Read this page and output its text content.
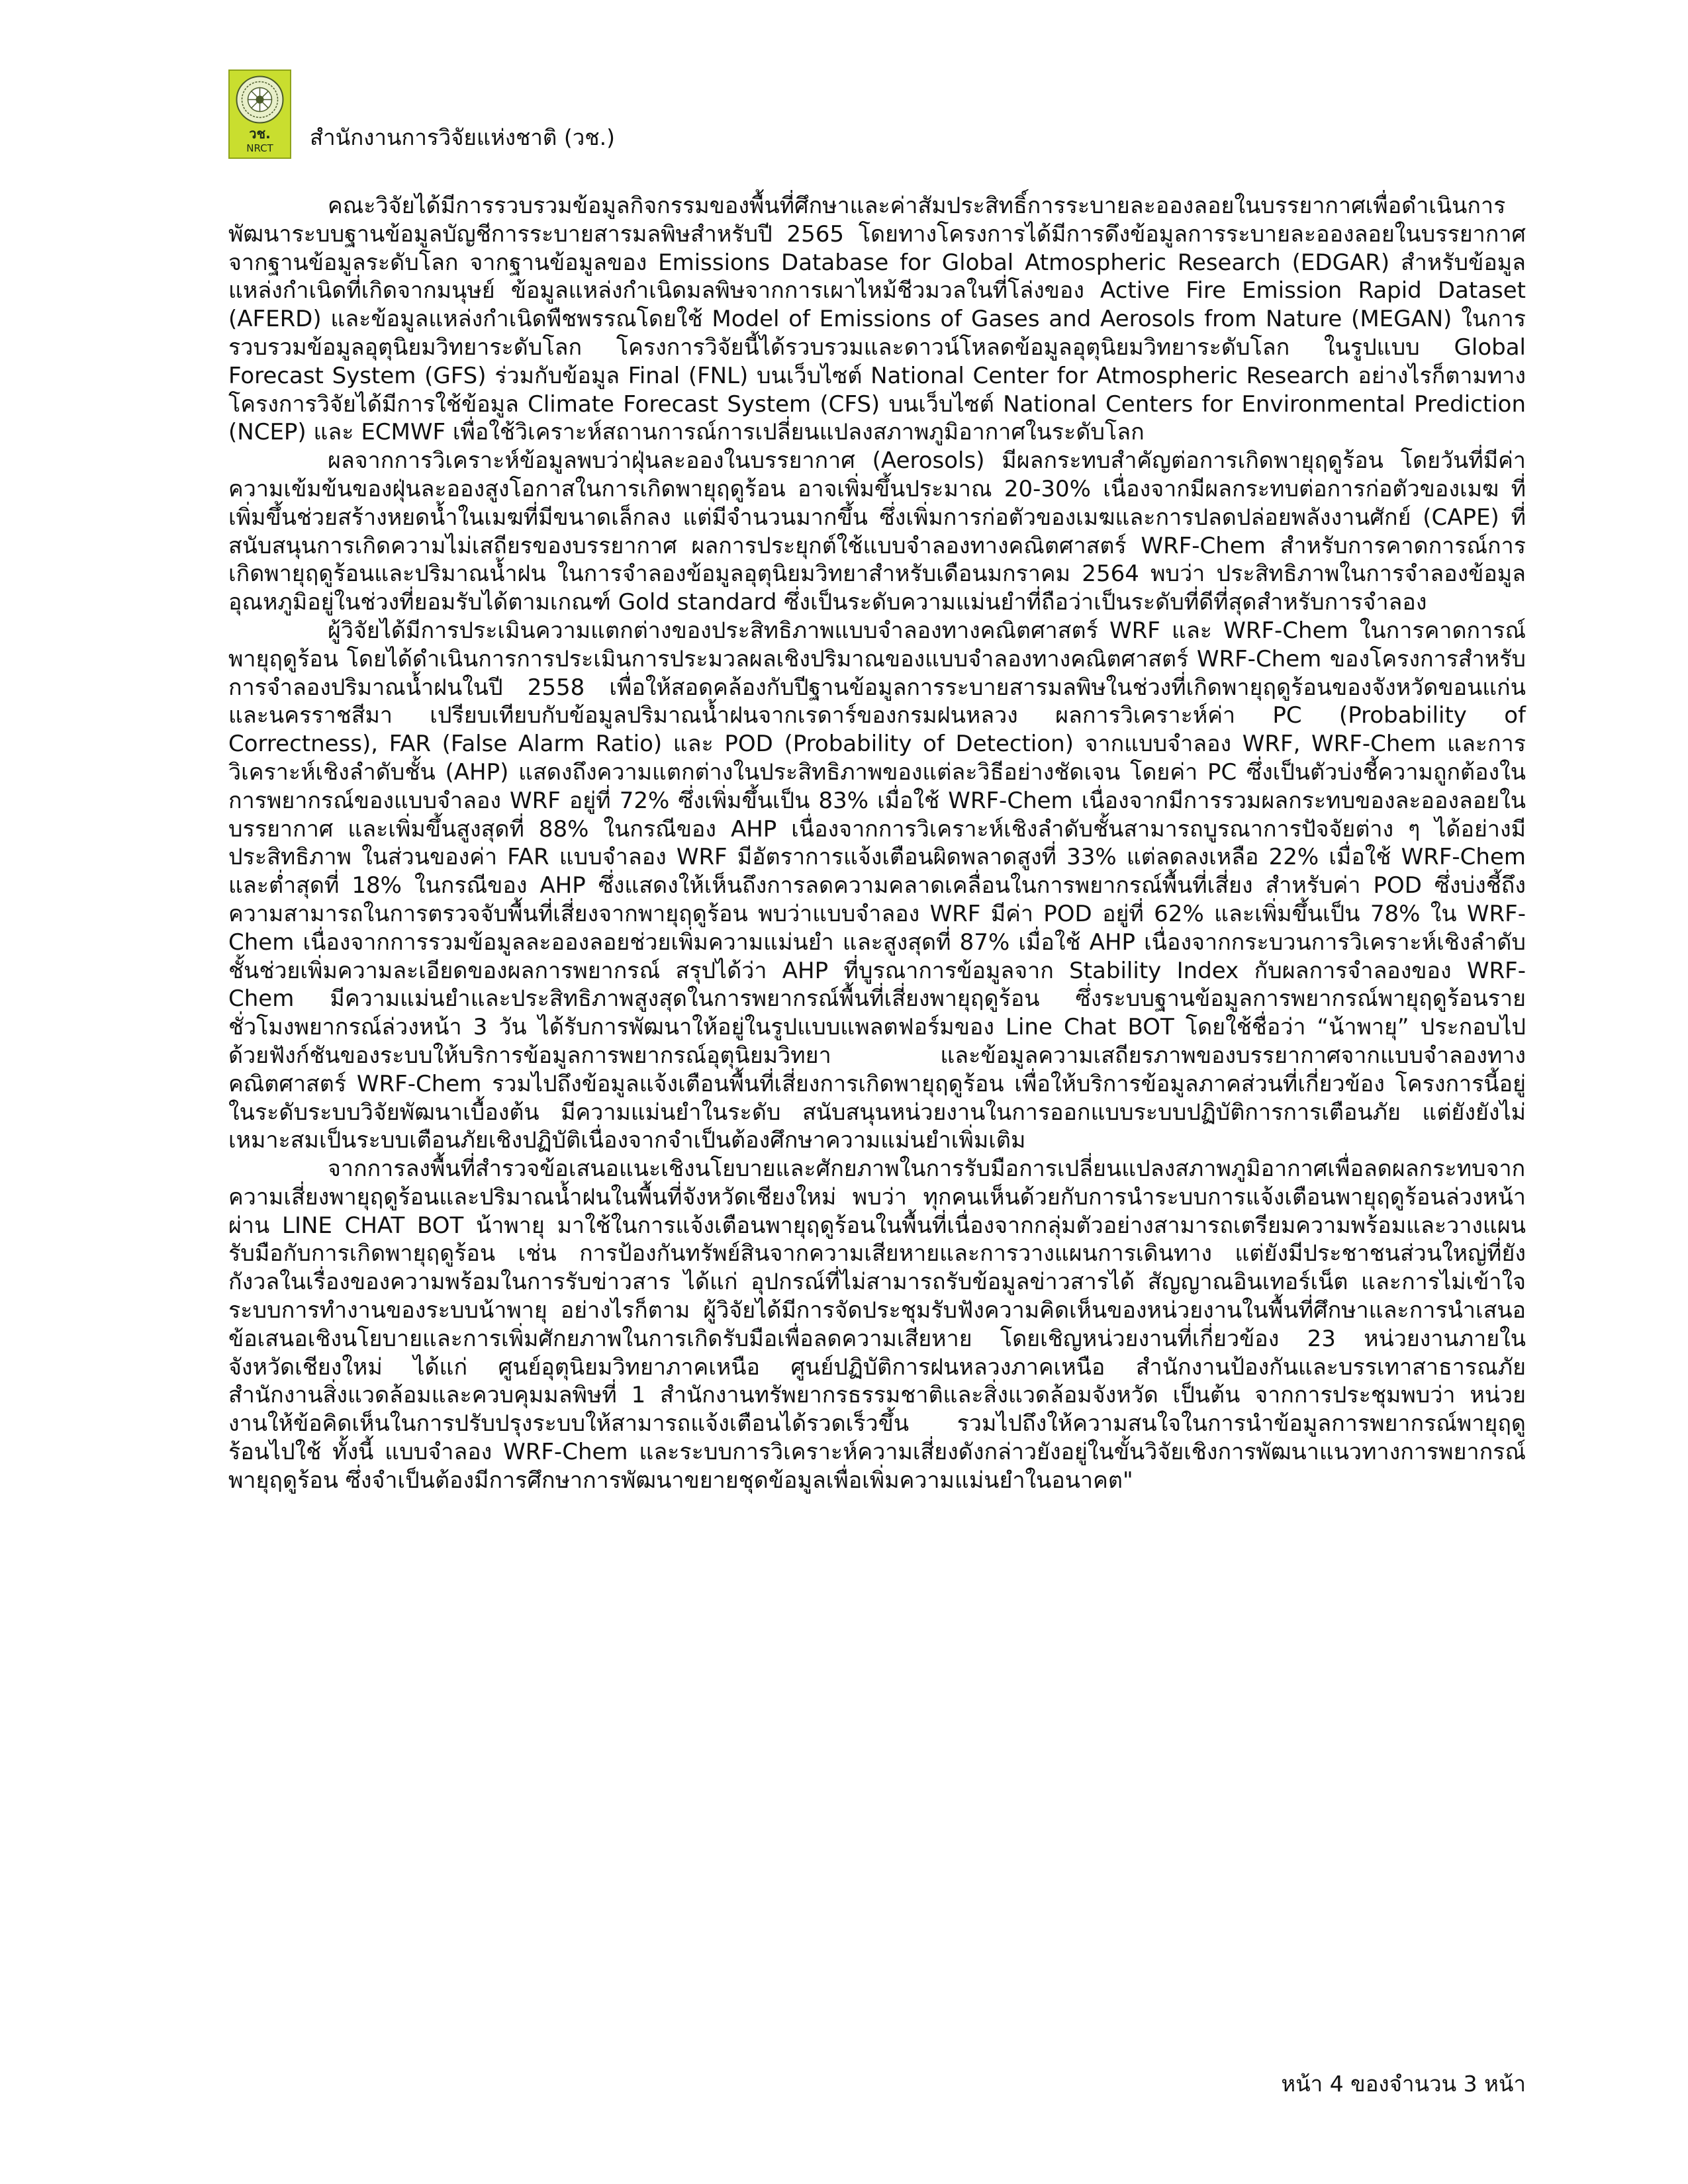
วช.
NRCT	สำนักงานการวิจัยแห่งชาติ (วช.)

คณะวิจัยได้มีการรวบรวมข้อมูลกิจกรรมของพื้นที่ศึกษาและค่าสัมประสิทธิ์การระบายละอองลอยในบรรยากาศเพื่อดำเนินการพัฒนาระบบฐานข้อมูลบัญชีการระบายสารมลพิษสำหรับปี 2565 โดยทางโครงการได้มีการดึงข้อมูลการระบายละอองลอยในบรรยากาศจากฐานข้อมูลระดับโลก จากฐานข้อมูลของ Emissions Database for Global Atmospheric Research (EDGAR) สำหรับข้อมูลแหล่งกำเนิดที่เกิดจากมนุษย์ ข้อมูลแหล่งกำเนิดมลพิษจากการเผาไหม้ชีวมวลในที่โล่งของ Active Fire Emission Rapid Dataset (AFERD) และข้อมูลแหล่งกำเนิดพืชพรรณโดยใช้ Model of Emissions of Gases and Aerosols from Nature (MEGAN) ในการรวบรวมข้อมูลอุตุนิยมวิทยาระดับโลก โครงการวิจัยนี้ได้รวบรวมและดาวน์โหลดข้อมูลอุตุนิยมวิทยาระดับโลก ในรูปแบบ Global Forecast System (GFS) ร่วมกับข้อมูล Final (FNL) บนเว็บไซต์ National Center for Atmospheric Research อย่างไรก็ตามทางโครงการวิจัยได้มีการใช้ข้อมูล Climate Forecast System (CFS) บนเว็บไซต์ National Centers for Environmental Prediction (NCEP) และ ECMWF เพื่อใช้วิเคราะห์สถานการณ์การเปลี่ยนแปลงสภาพภูมิอากาศในระดับโลก

ผลจากการวิเคราะห์ข้อมูลพบว่าฝุ่นละอองในบรรยากาศ (Aerosols) มีผลกระทบสำคัญต่อการเกิดพายุฤดูร้อน โดยวันที่มีค่าความเข้มข้นของฝุ่นละอองสูงโอกาสในการเกิดพายุฤดูร้อน อาจเพิ่มขึ้นประมาณ 20-30% เนื่องจากมีผลกระทบต่อการก่อตัวของเมฆ ที่เพิ่มขึ้นช่วยสร้างหยดน้ำในเมฆที่มีขนาดเล็กลง แต่มีจำนวนมากขึ้น ซึ่งเพิ่มการก่อตัวของเมฆและการปลดปล่อยพลังงานศักย์ (CAPE) ที่สนับสนุนการเกิดความไม่เสถียรของบรรยากาศ ผลการประยุกต์ใช้แบบจำลองทางคณิตศาสตร์ WRF-Chem สำหรับการคาดการณ์การเกิดพายุฤดูร้อนและปริมาณน้ำฝน ในการจำลองข้อมูลอุตุนิยมวิทยาสำหรับเดือนมกราคม 2564 พบว่า ประสิทธิภาพในการจำลองข้อมูลอุณหภูมิอยู่ในช่วงที่ยอมรับได้ตามเกณฑ์ Gold standard ซึ่งเป็นระดับความแม่นยำที่ถือว่าเป็นระดับที่ดีที่สุดสำหรับการจำลอง

ผู้วิจัยได้มีการประเมินความแตกต่างของประสิทธิภาพแบบจำลองทางคณิตศาสตร์ WRF และ WRF-Chem ในการคาดการณ์พายุฤดูร้อน โดยได้ดำเนินการการประเมินการประมวลผลเชิงปริมาณของแบบจำลองทางคณิตศาสตร์ WRF-Chem ของโครงการสำหรับการจำลองปริมาณน้ำฝนในปี 2558 เพื่อให้สอดคล้องกับปีฐานข้อมูลการระบายสารมลพิษในช่วงที่เกิดพายุฤดูร้อนของจังหวัดขอนแก่น และนครราชสีมา เปรียบเทียบกับข้อมูลปริมาณน้ำฝนจากเรดาร์ของกรมฝนหลวง ผลการวิเคราะห์ค่า PC (Probability of Correctness), FAR (False Alarm Ratio) และ POD (Probability of Detection) จากแบบจำลอง WRF, WRF-Chem และการวิเคราะห์เชิงลำดับชั้น (AHP) แสดงถึงความแตกต่างในประสิทธิภาพของแต่ละวิธีอย่างชัดเจน โดยค่า PC ซึ่งเป็นตัวบ่งชี้ความถูกต้องในการพยากรณ์ของแบบจำลอง WRF อยู่ที่ 72% ซึ่งเพิ่มขึ้นเป็น 83% เมื่อใช้ WRF-Chem เนื่องจากมีการรวมผลกระทบของละอองลอยในบรรยากาศ และเพิ่มขึ้นสูงสุดที่ 88% ในกรณีของ AHP เนื่องจากการวิเคราะห์เชิงลำดับชั้นสามารถบูรณาการปัจจัยต่าง ๆ ได้อย่างมีประสิทธิภาพ ในส่วนของค่า FAR แบบจำลอง WRF มีอัตราการแจ้งเตือนผิดพลาดสูงที่ 33% แต่ลดลงเหลือ 22% เมื่อใช้ WRF-Chem และต่ำสุดที่ 18% ในกรณีของ AHP ซึ่งแสดงให้เห็นถึงการลดความคลาดเคลื่อนในการพยากรณ์พื้นที่เสี่ยง สำหรับค่า POD ซึ่งบ่งชี้ถึงความสามารถในการตรวจจับพื้นที่เสี่ยงจากพายุฤดูร้อน พบว่าแบบจำลอง WRF มีค่า POD อยู่ที่ 62% และเพิ่มขึ้นเป็น 78% ใน WRF-Chem เนื่องจากการรวมข้อมูลละอองลอยช่วยเพิ่มความแม่นยำ และสูงสุดที่ 87% เมื่อใช้ AHP เนื่องจากกระบวนการวิเคราะห์เชิงลำดับชั้นช่วยเพิ่มความละเอียดของผลการพยากรณ์ สรุปได้ว่า AHP ที่บูรณาการข้อมูลจาก Stability Index กับผลการจำลองของ WRF-Chem มีความแม่นยำและประสิทธิภาพสูงสุดในการพยากรณ์พื้นที่เสี่ยงพายุฤดูร้อน ซึ่งระบบฐานข้อมูลการพยากรณ์พายุฤดูร้อนรายชั่วโมงพยากรณ์ล่วงหน้า 3 วัน ได้รับการพัฒนาให้อยู่ในรูปแบบแพลตฟอร์มของ Line Chat BOT โดยใช้ชื่อว่า “น้าพายุ” ประกอบไปด้วยฟังก์ชันของระบบให้บริการข้อมูลการพยากรณ์อุตุนิยมวิทยา และข้อมูลความเสถียรภาพของบรรยากาศจากแบบจำลองทางคณิตศาสตร์ WRF-Chem รวมไปถึงข้อมูลแจ้งเตือนพื้นที่เสี่ยงการเกิดพายุฤดูร้อน เพื่อให้บริการข้อมูลภาคส่วนที่เกี่ยวข้อง โครงการนี้อยู่ในระดับระบบวิจัยพัฒนาเบื้องต้น มีความแม่นยำในระดับ สนับสนุนหน่วยงานในการออกแบบระบบปฏิบัติการการเตือนภัย แต่ยังยังไม่เหมาะสมเป็นระบบเตือนภัยเชิงปฏิบัติเนื่องจากจำเป็นต้องศึกษาความแม่นยำเพิ่มเติม

จากการลงพื้นที่สำรวจข้อเสนอแนะเชิงนโยบายและศักยภาพในการรับมือการเปลี่ยนแปลงสภาพภูมิอากาศเพื่อลดผลกระทบจากความเสี่ยงพายุฤดูร้อนและปริมาณน้ำฝนในพื้นที่จังหวัดเชียงใหม่ พบว่า ทุกคนเห็นด้วยกับการนำระบบการแจ้งเตือนพายุฤดูร้อนล่วงหน้าผ่าน LINE CHAT BOT น้าพายุ มาใช้ในการแจ้งเตือนพายุฤดูร้อนในพื้นที่เนื่องจากกลุ่มตัวอย่างสามารถเตรียมความพร้อมและวางแผนรับมือกับการเกิดพายุฤดูร้อน เช่น การป้องกันทรัพย์สินจากความเสียหายและการวางแผนการเดินทาง แต่ยังมีประชาชนส่วนใหญ่ที่ยังกังวลในเรื่องของความพร้อมในการรับข่าวสาร ได้แก่ อุปกรณ์ที่ไม่สามารถรับข้อมูลข่าวสารได้ สัญญาณอินเทอร์เน็ต และการไม่เข้าใจระบบการทำงานของระบบน้าพายุ อย่างไรก็ตาม ผู้วิจัยได้มีการจัดประชุมรับฟังความคิดเห็นของหน่วยงานในพื้นที่ศึกษาและการนำเสนอข้อเสนอเชิงนโยบายและการเพิ่มศักยภาพในการเกิดรับมือเพื่อลดความเสียหาย โดยเชิญหน่วยงานที่เกี่ยวข้อง 23 หน่วยงานภายในจังหวัดเชียงใหม่ ได้แก่ ศูนย์อุตุนิยมวิทยาภาคเหนือ ศูนย์ปฏิบัติการฝนหลวงภาคเหนือ สำนักงานป้องกันและบรรเทาสาธารณภัย สำนักงานสิ่งแวดล้อมและควบคุมมลพิษที่ 1 สำนักงานทรัพยากรธรรมชาติและสิ่งแวดล้อมจังหวัด เป็นต้น จากการประชุมพบว่า หน่วยงานให้ข้อคิดเห็นในการปรับปรุงระบบให้สามารถแจ้งเตือนได้รวดเร็วขึ้น รวมไปถึงให้ความสนใจในการนำข้อมูลการพยากรณ์พายุฤดูร้อนไปใช้ ทั้งนี้ แบบจำลอง WRF-Chem และระบบการวิเคราะห์ความเสี่ยงดังกล่าวยังอยู่ในขั้นวิจัยเชิงการพัฒนาแนวทางการพยากรณ์พายุฤดูร้อน ซึ่งจำเป็นต้องมีการศึกษาการพัฒนาขยายชุดข้อมูลเพื่อเพิ่มความแม่นยำในอนาคต"

หน้า 4 ของจำนวน 3 หน้า
